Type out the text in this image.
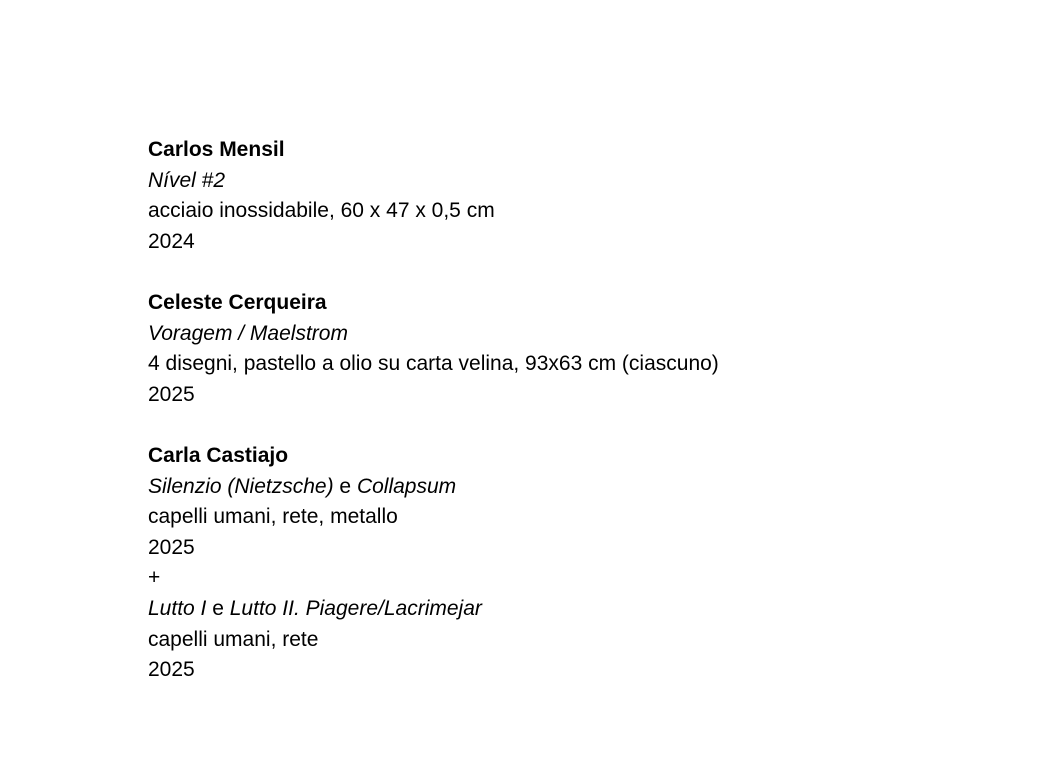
Carlos Mensil
Nível #2
acciaio inossidabile, 60 x 47 x 0,5 cm
2024
Celeste Cerqueira
Voragem / Maelstrom
4 disegni, pastello a olio su carta velina, 93x63 cm (ciascuno)
2025
Carla Castiajo
Silenzio (Nietzsche) e Collapsum
capelli umani, rete, metallo
2025
+
Lutto I e Lutto II. Piagere/Lacrimejar
capelli umani, rete
2025
